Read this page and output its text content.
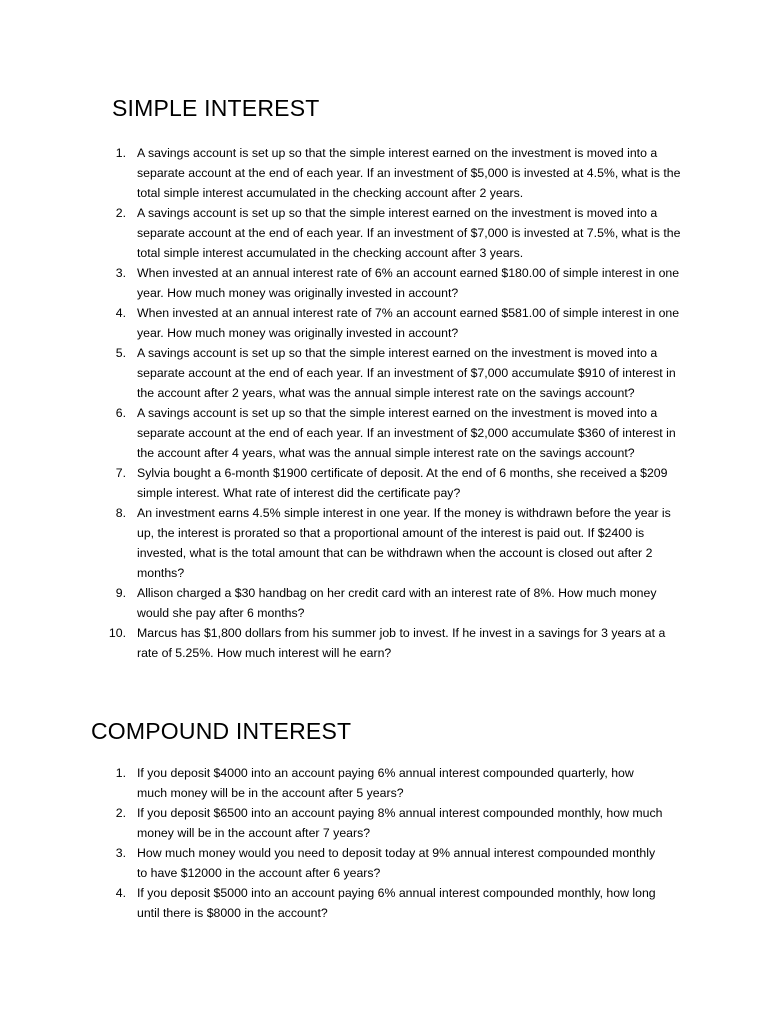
SIMPLE INTEREST
1. A savings account is set up so that the simple interest earned on the investment is moved into a separate account at the end of each year. If an investment of $5,000 is invested at 4.5%, what is the total simple interest accumulated in the checking account after 2 years.
2. A savings account is set up so that the simple interest earned on the investment is moved into a separate account at the end of each year. If an investment of $7,000 is invested at 7.5%, what is the total simple interest accumulated in the checking account after 3 years.
3. When invested at an annual interest rate of 6% an account earned $180.00 of simple interest in one year. How much money was originally invested in account?
4. When invested at an annual interest rate of 7% an account earned $581.00 of simple interest in one year. How much money was originally invested in account?
5. A savings account is set up so that the simple interest earned on the investment is moved into a separate account at the end of each year. If an investment of $7,000 accumulate $910 of interest in the account after 2 years, what was the annual simple interest rate on the savings account?
6. A savings account is set up so that the simple interest earned on the investment is moved into a separate account at the end of each year. If an investment of $2,000 accumulate $360 of interest in the account after 4 years, what was the annual simple interest rate on the savings account?
7. Sylvia bought a 6-month $1900 certificate of deposit. At the end of 6 months, she received a $209 simple interest. What rate of interest did the certificate pay?
8. An investment earns 4.5% simple interest in one year. If the money is withdrawn before the year is up, the interest is prorated so that a proportional amount of the interest is paid out. If $2400 is invested, what is the total amount that can be withdrawn when the account is closed out after 2 months?
9. Allison charged a $30 handbag on her credit card with an interest rate of 8%. How much money would she pay after 6 months?
10. Marcus has $1,800 dollars from his summer job to invest. If he invest in a savings for 3 years at a rate of 5.25%. How much interest will he earn?
COMPOUND INTEREST
1. If you deposit $4000 into an account paying 6% annual interest compounded quarterly, how much money will be in the account after 5 years?
2. If you deposit $6500 into an account paying 8% annual interest compounded monthly, how much money will be in the account after 7 years?
3. How much money would you need to deposit today at 9% annual interest compounded monthly to have $12000 in the account after 6 years?
4. If you deposit $5000 into an account paying 6% annual interest compounded monthly, how long until there is $8000 in the account?
